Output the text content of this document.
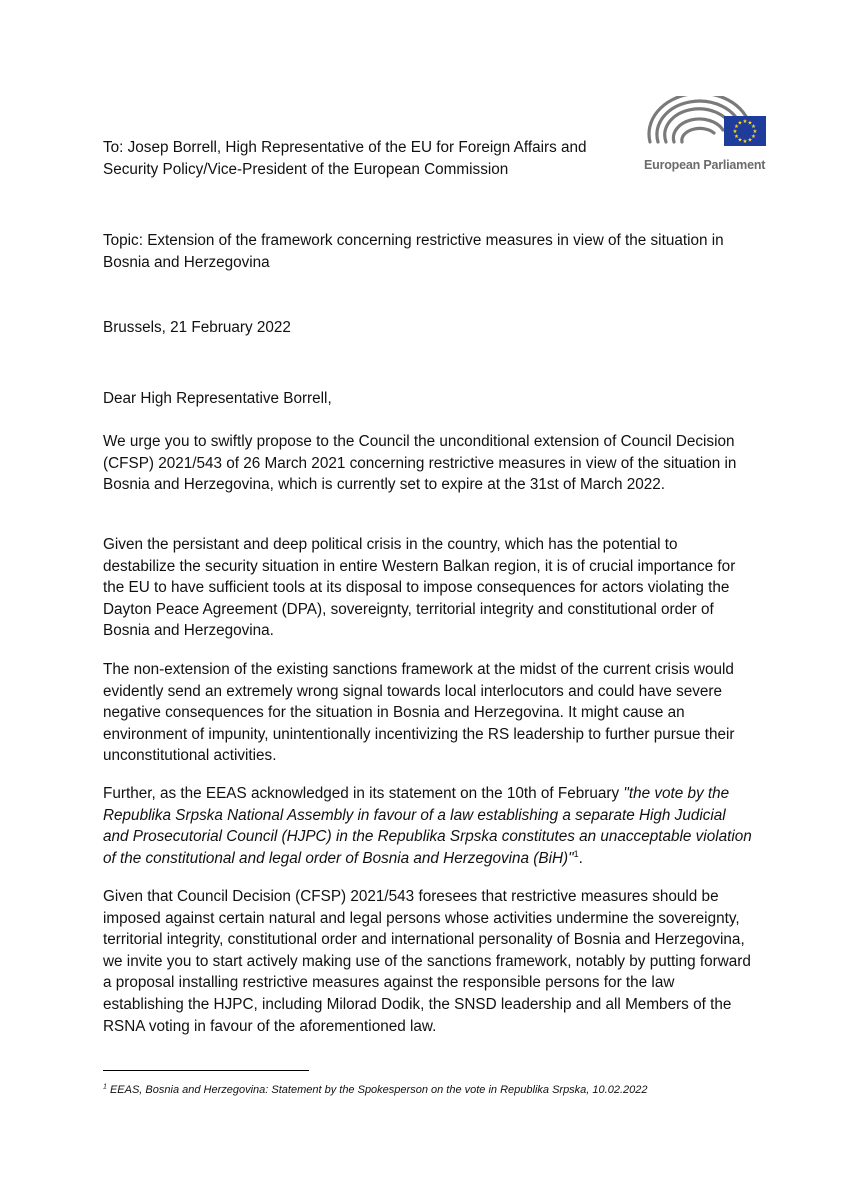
★ ★
★
★
★
★
★
★
★
★
★
★
European Parliament
To: Josep Borrell, High Representative of the EU for Foreign Affairs and Security Policy/Vice-President of the European Commission
Topic: Extension of the framework concerning restrictive measures in view of the situation in Bosnia and Herzegovina
Brussels, 21 February 2022
Dear High Representative Borrell,
We urge you to swiftly propose to the Council the unconditional extension of Council Decision (CFSP) 2021/543 of 26 March 2021 concerning restrictive measures in view of the situation in Bosnia and Herzegovina, which is currently set to expire at the 31st of March 2022.
Given the persistant and deep political crisis in the country, which has the potential to destabilize the security situation in entire Western Balkan region, it is of crucial importance for the EU to have sufficient tools at its disposal to impose consequences for actors violating the Dayton Peace Agreement (DPA), sovereignty, territorial integrity and constitutional order of Bosnia and Herzegovina.
The non-extension of the existing sanctions framework at the midst of the current crisis would evidently send an extremely wrong signal towards local interlocutors and could have severe negative consequences for the situation in Bosnia and Herzegovina. It might cause an environment of impunity, unintentionally incentivizing the RS leadership to further pursue their unconstitutional activities.
Further, as the EEAS acknowledged in its statement on the 10th of February "the vote by the Republika Srpska National Assembly in favour of a law establishing a separate High Judicial and Prosecutorial Council (HJPC) in the Republika Srpska constitutes an unacceptable violation of the constitutional and legal order of Bosnia and Herzegovina (BiH)"$^1$.
Given that Council Decision (CFSP) 2021/543 foresees that restrictive measures should be imposed against certain natural and legal persons whose activities undermine the sovereignty, territorial integrity, constitutional order and international personality of Bosnia and Herzegovina, we invite you to start actively making use of the sanctions framework, notably by putting forward a proposal installing restrictive measures against the responsible persons for the law establishing the HJPC, including Milorad Dodik, the SNSD leadership and all Members of the RSNA voting in favour of the aforementioned law.
$^1$ EEAS, Bosnia and Herzegovina: Statement by the Spokesperson on the vote in Republika Srpska, 10.02.2022
